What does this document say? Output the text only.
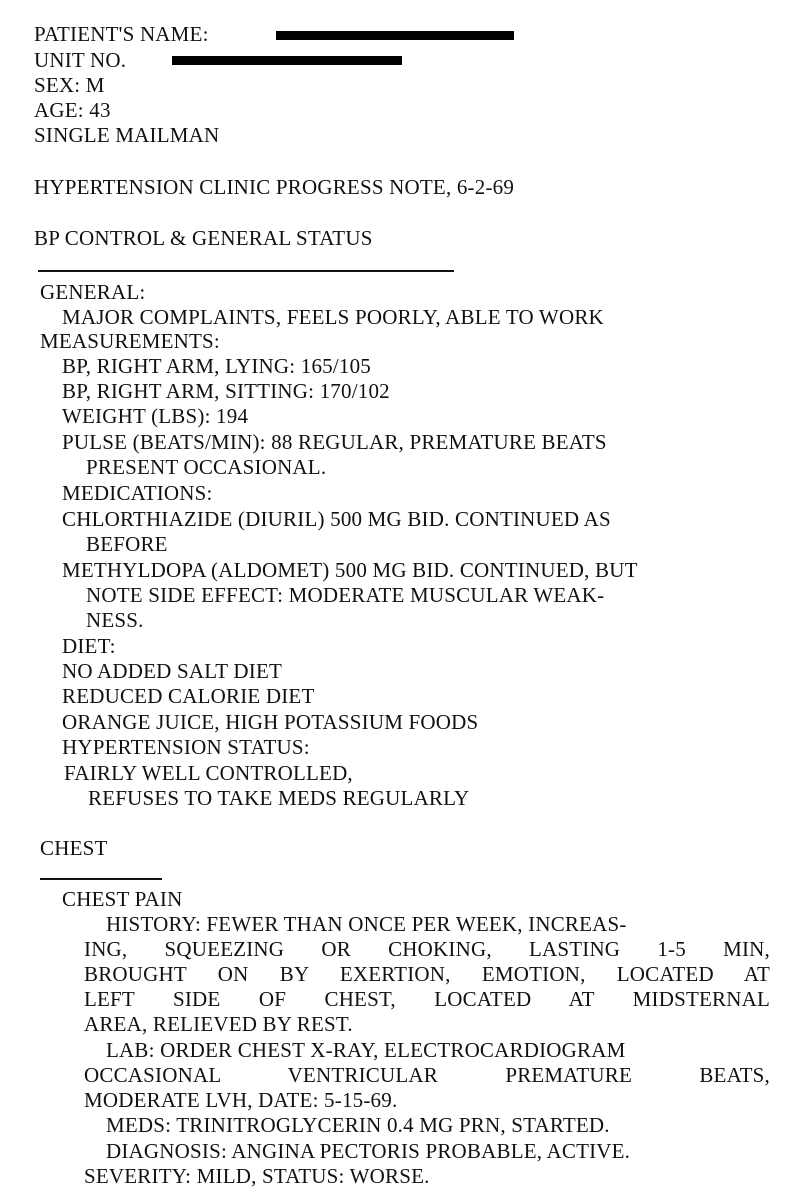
PATIENT'S NAME:
UNIT NO.
SEX: M
AGE: 43
SINGLE MAILMAN
HYPERTENSION CLINIC PROGRESS NOTE, 6-2-69
BP CONTROL & GENERAL STATUS
GENERAL:
MAJOR COMPLAINTS, FEELS POORLY, ABLE TO WORK
MEASUREMENTS:
BP, RIGHT ARM, LYING: 165/105
BP, RIGHT ARM, SITTING: 170/102
WEIGHT (LBS): 194
PULSE (BEATS/MIN): 88 REGULAR, PREMATURE BEATS
PRESENT OCCASIONAL.
MEDICATIONS:
CHLORTHIAZIDE (DIURIL) 500 MG BID. CONTINUED AS
BEFORE
METHYLDOPA (ALDOMET) 500 MG BID. CONTINUED, BUT
NOTE SIDE EFFECT: MODERATE MUSCULAR WEAK-
NESS.
DIET:
NO ADDED SALT DIET
REDUCED CALORIE DIET
ORANGE JUICE, HIGH POTASSIUM FOODS
HYPERTENSION STATUS:
FAIRLY WELL CONTROLLED,
REFUSES TO TAKE MEDS REGULARLY
CHEST
CHEST PAIN
HISTORY: FEWER THAN ONCE PER WEEK, INCREAS-
ING, SQUEEZING OR CHOKING, LASTING 1-5 MIN,
BROUGHT ON BY EXERTION, EMOTION, LOCATED AT
LEFT SIDE OF CHEST, LOCATED AT MIDSTERNAL
AREA, RELIEVED BY REST.
LAB: ORDER CHEST X-RAY, ELECTROCARDIOGRAM
OCCASIONAL VENTRICULAR PREMATURE BEATS,
MODERATE LVH, DATE: 5-15-69.
MEDS: TRINITROGLYCERIN 0.4 MG PRN, STARTED.
DIAGNOSIS: ANGINA PECTORIS PROBABLE, ACTIVE.
SEVERITY: MILD, STATUS: WORSE.
